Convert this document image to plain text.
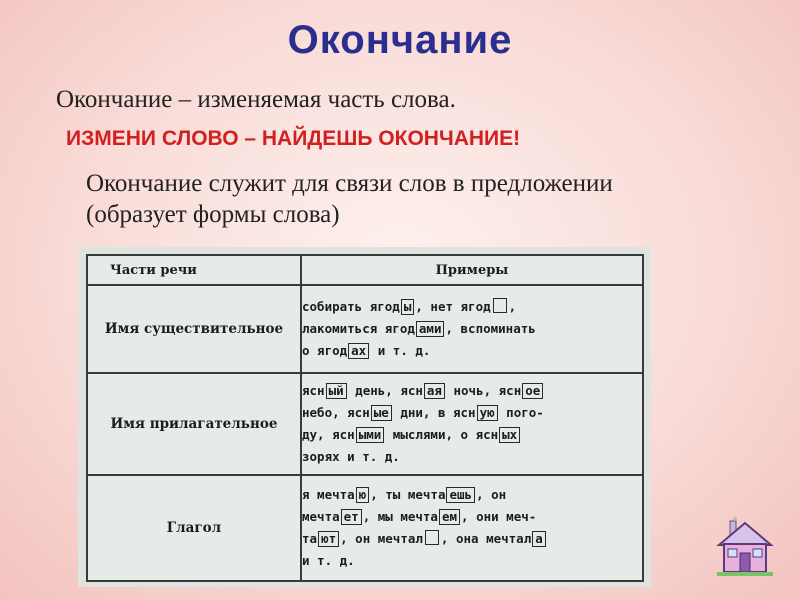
Окончание
Окончание – изменяемая часть слова.
ИЗМЕНИ СЛОВО – НАЙДЕШЬ ОКОНЧАНИЕ!
Окончание служит для связи слов в предложении (образует формы слова)
Части речи	Примеры
Имя существительное	собирать ягод ы , нет ягод ,
лакомиться ягод ами , вспоминать
о ягод ах и т. д.

Имя прилагательное	ясн ый день, ясн ая ночь, ясн ое
небо, ясн ые дни, в ясн ую пого-
ду, ясн ыми мыслями, о ясн ых
зорях и т. д.

Глагол	я мечта ю , ты мечта ешь , он
мечта ет , мы мечта ем , они меч-
та ют , он мечтал , она мечтал а
и т. д.
